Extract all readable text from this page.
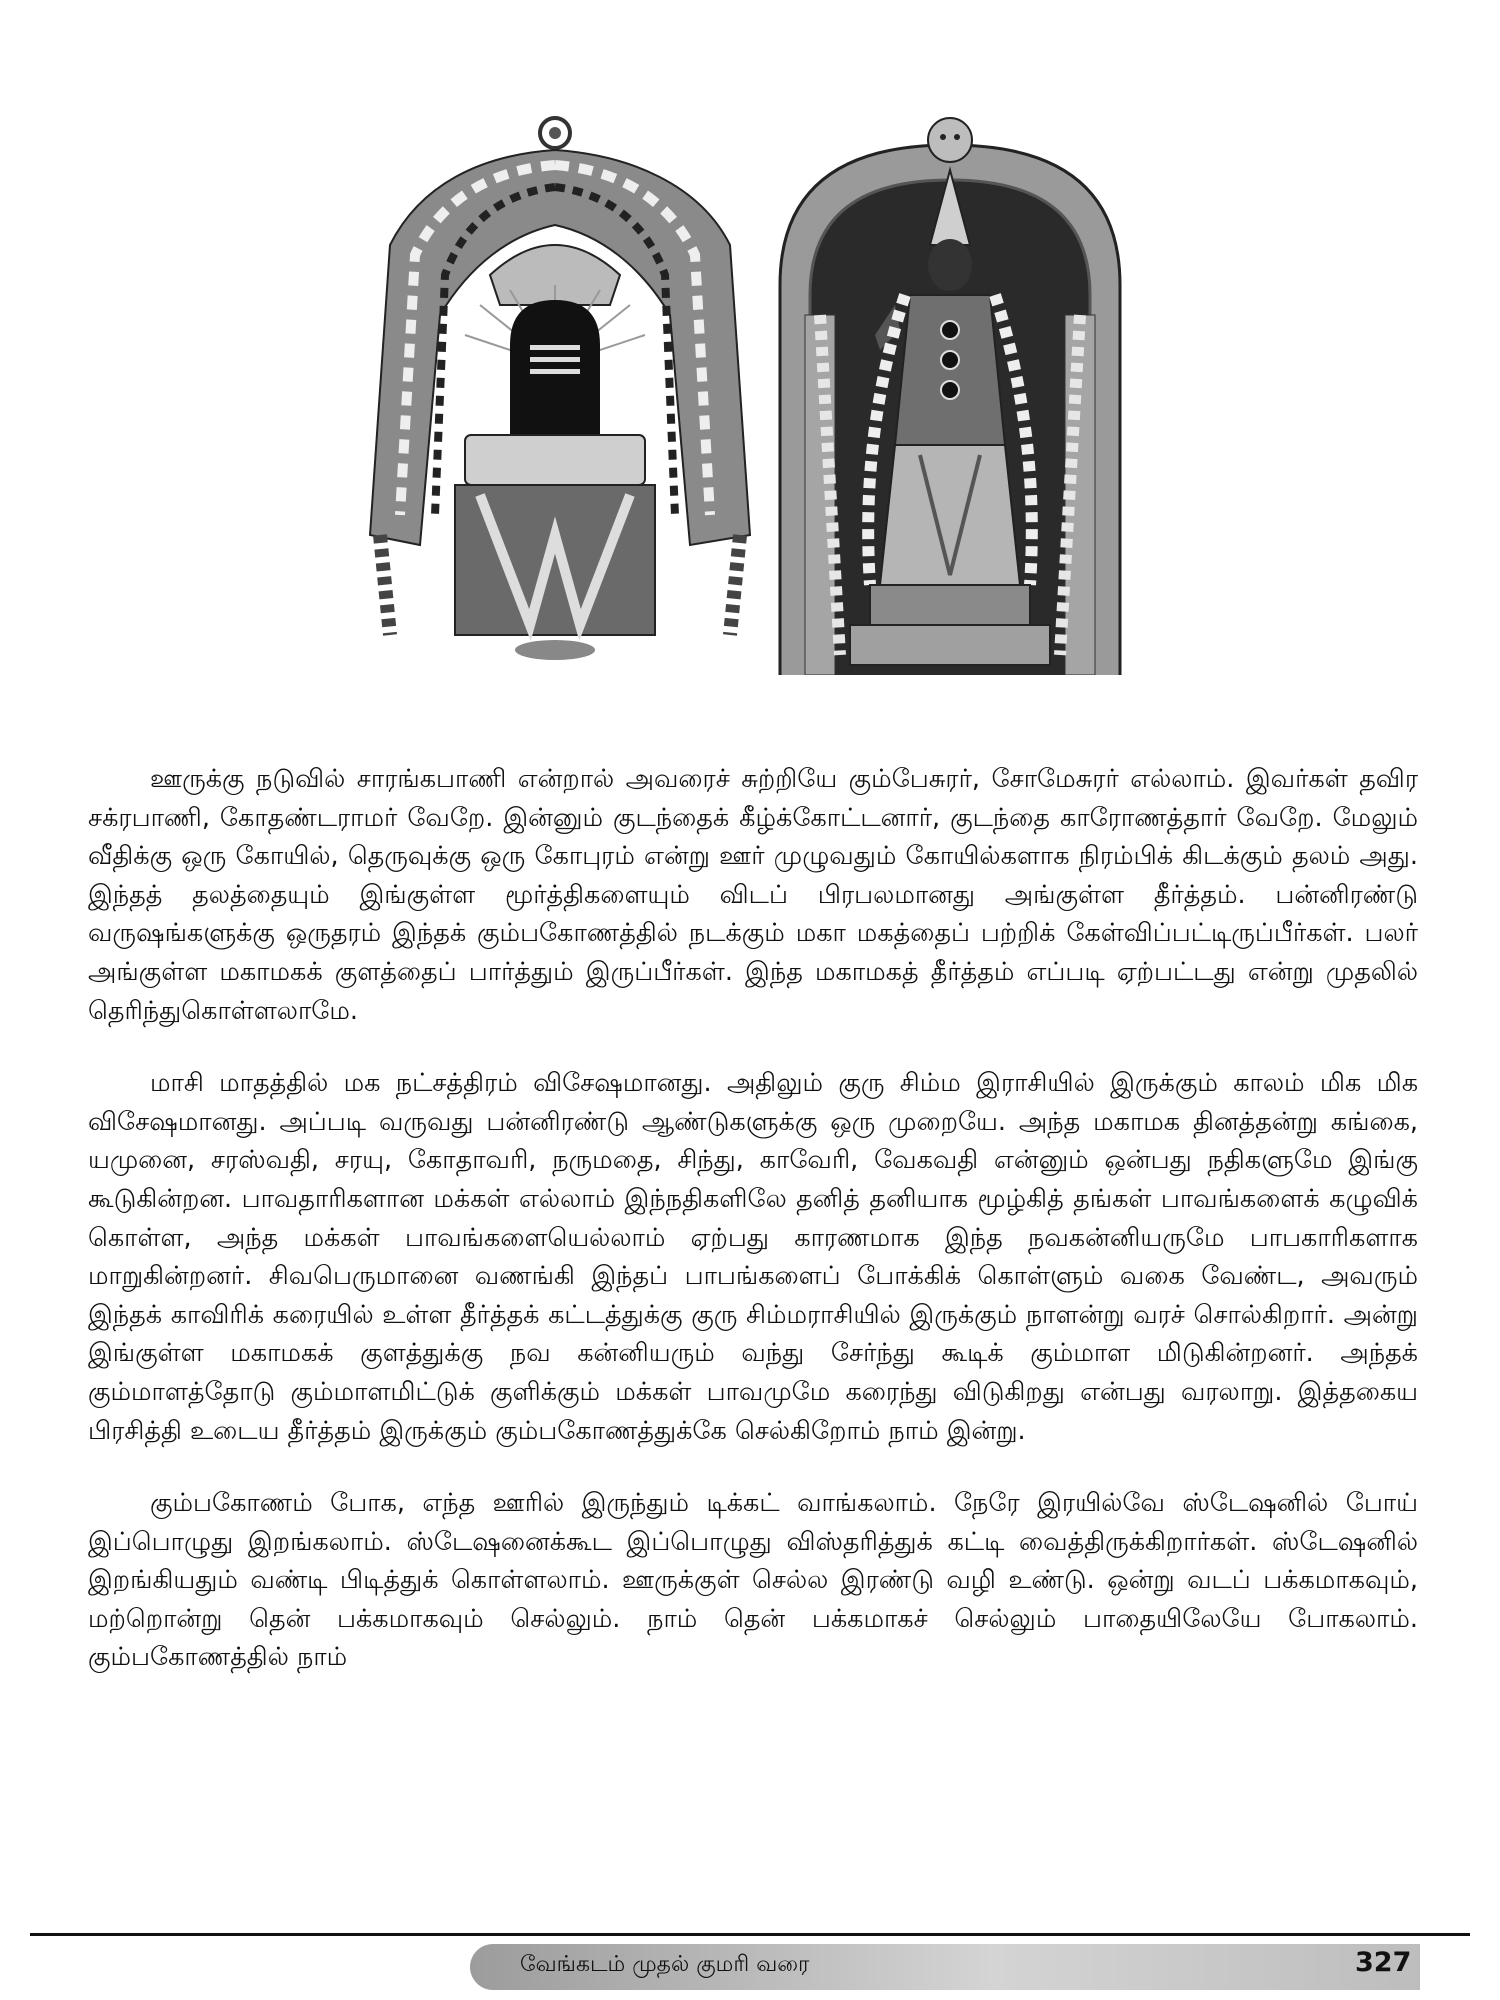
ஊருக்கு நடுவில் சாரங்கபாணி என்றால் அவரைச் சுற்றியே கும்பேசுரர், சோமேசுரர் எல்லாம். இவர்கள் தவிர சக்ரபாணி, கோதண்டராமர் வேறே. இன்னும் குடந்தைக் கீழ்க்கோட்டனார், குடந்தை காரோணத்தார் வேறே. மேலும் வீதிக்கு ஒரு கோயில், தெருவுக்கு ஒரு கோபுரம் என்று ஊர் முழுவதும் கோயில்களாக நிரம்பிக் கிடக்கும் தலம் அது. இந்தத் தலத்தையும் இங்குள்ள மூர்த்திகளையும் விடப் பிரபலமானது அங்குள்ள தீர்த்தம். பன்னிரண்டு வருஷங்களுக்கு ஒருதரம் இந்தக் கும்பகோணத்தில் நடக்கும் மகா மகத்தைப் பற்றிக் கேள்விப்பட்டிருப்பீர்கள். பலர் அங்குள்ள மகாமகக் குளத்தைப் பார்த்தும் இருப்பீர்கள். இந்த மகாமகத் தீர்த்தம் எப்படி ஏற்பட்டது என்று முதலில் தெரிந்துகொள்ளலாமே.

மாசி மாதத்தில் மக நட்சத்திரம் விசேஷமானது. அதிலும் குரு சிம்ம இராசியில் இருக்கும் காலம் மிக மிக விசேஷமானது. அப்படி வருவது பன்னிரண்டு ஆண்டுகளுக்கு ஒரு முறையே. அந்த மகாமக தினத்தன்று கங்கை, யமுனை, சரஸ்வதி, சரயு, கோதாவரி, நருமதை, சிந்து, காவேரி, வேகவதி என்னும் ஒன்பது நதிகளுமே இங்கு கூடுகின்றன. பாவதாரிகளான மக்கள் எல்லாம் இந்நதிகளிலே தனித் தனியாக மூழ்கித் தங்கள் பாவங்களைக் கழுவிக் கொள்ள, அந்த மக்கள் பாவங்களையெல்லாம் ஏற்பது காரணமாக இந்த நவகன்னியருமே பாபகாரிகளாக மாறுகின்றனர். சிவபெருமானை வணங்கி இந்தப் பாபங்களைப் போக்கிக் கொள்ளும் வகை வேண்ட, அவரும் இந்தக் காவிரிக் கரையில் உள்ள தீர்த்தக் கட்டத்துக்கு குரு சிம்மராசியில் இருக்கும் நாளன்று வரச் சொல்கிறார். அன்று இங்குள்ள மகாமகக் குளத்துக்கு நவ கன்னியரும் வந்து சேர்ந்து கூடிக் கும்மாள மிடுகின்றனர். அந்தக் கும்மாளத்தோடு கும்மாளமிட்டுக் குளிக்கும் மக்கள் பாவமுமே கரைந்து விடுகிறது என்பது வரலாறு. இத்தகைய பிரசித்தி உடைய தீர்த்தம் இருக்கும் கும்பகோணத்துக்கே செல்கிறோம் நாம் இன்று.

கும்பகோணம் போக, எந்த ஊரில் இருந்தும் டிக்கட் வாங்கலாம். நேரே இரயில்வே ஸ்டேஷனில் போய் இப்பொழுது இறங்கலாம். ஸ்டேஷனைக்கூட இப்பொழுது விஸ்தரித்துக் கட்டி வைத்திருக்கிறார்கள். ஸ்டேஷனில் இறங்கியதும் வண்டி பிடித்துக் கொள்ளலாம். ஊருக்குள் செல்ல இரண்டு வழி உண்டு. ஒன்று வடப் பக்கமாகவும், மற்றொன்று தென் பக்கமாகவும் செல்லும். நாம் தென் பக்கமாகச் செல்லும் பாதையிலேயே போகலாம். கும்பகோணத்தில் நாம்

வேங்கடம் முதல் குமரி வரை	327
